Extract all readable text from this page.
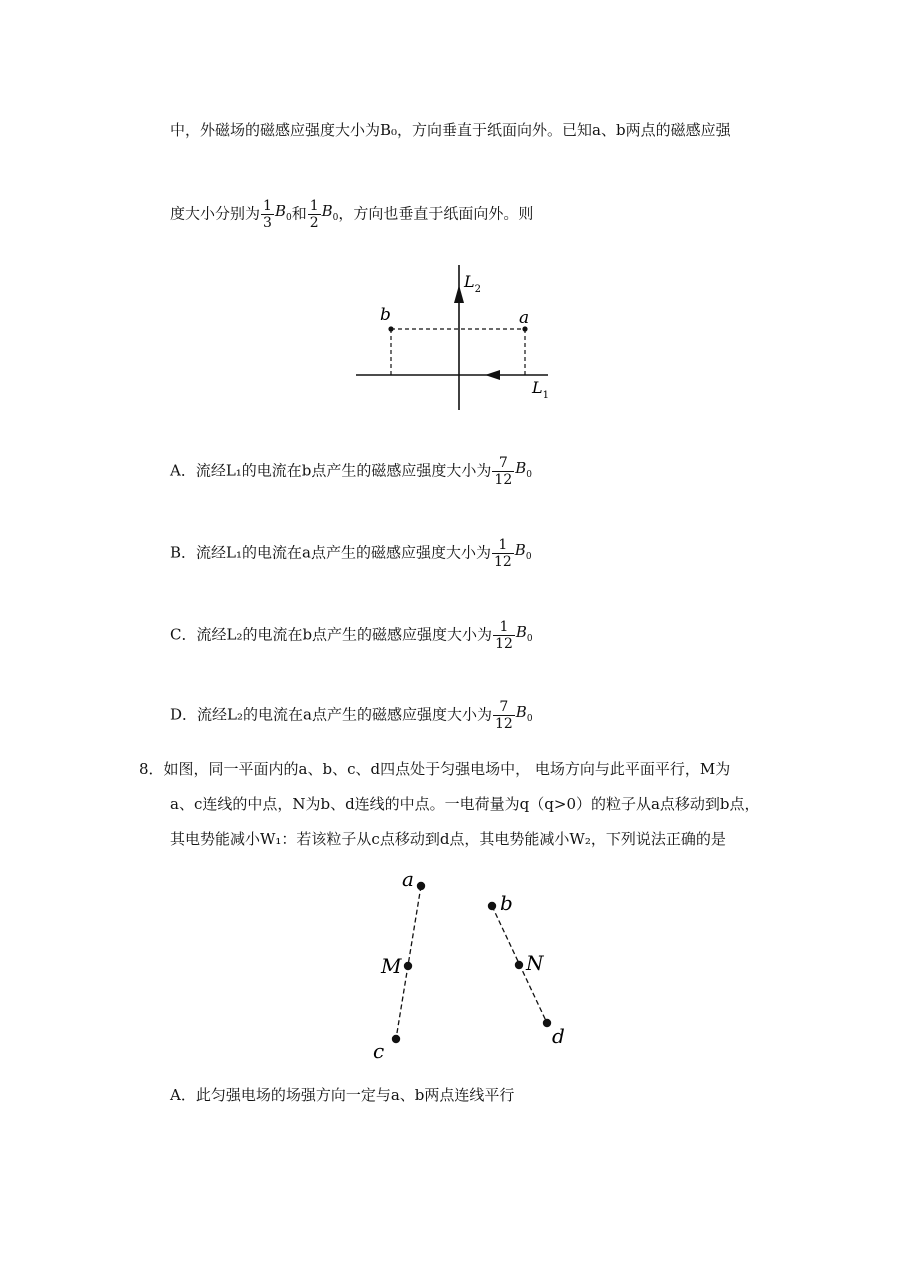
中，外磁场的磁感应强度大小为B₀，方向垂直于纸面向外。已知a、b两点的磁感应强
度大小分别为 $\frac{1}{3} B_0$和 $\frac{1}{2} B_0$，方向也垂直于纸面向外。则
b	a
$L_2$
$L_1$
A．流经L₁的电流在b点产生的磁感应强度大小为 $\frac{7}{12} B_0$
B．流经L₁的电流在a点产生的磁感应强度大小为 $\frac{1}{12} B_0$
C．流经L₂的电流在b点产生的磁感应强度大小为 $\frac{1}{12} B_0$
D．流经L₂的电流在a点产生的磁感应强度大小为 $\frac{7}{12} B_0$
8．如图，同一平面内的a、b、c、d四点处于匀强电场中， 电场方向与此平面平行，M为
a、c连线的中点，N为b、d连线的中点。一电荷量为q（q>0）的粒子从a点移动到b点，
其电势能减小W₁：若该粒子从c点移动到d点，其电势能减小W₂，下列说法正确的是
a
M
c
b
N
d
A．此匀强电场的场强方向一定与a、b两点连线平行
